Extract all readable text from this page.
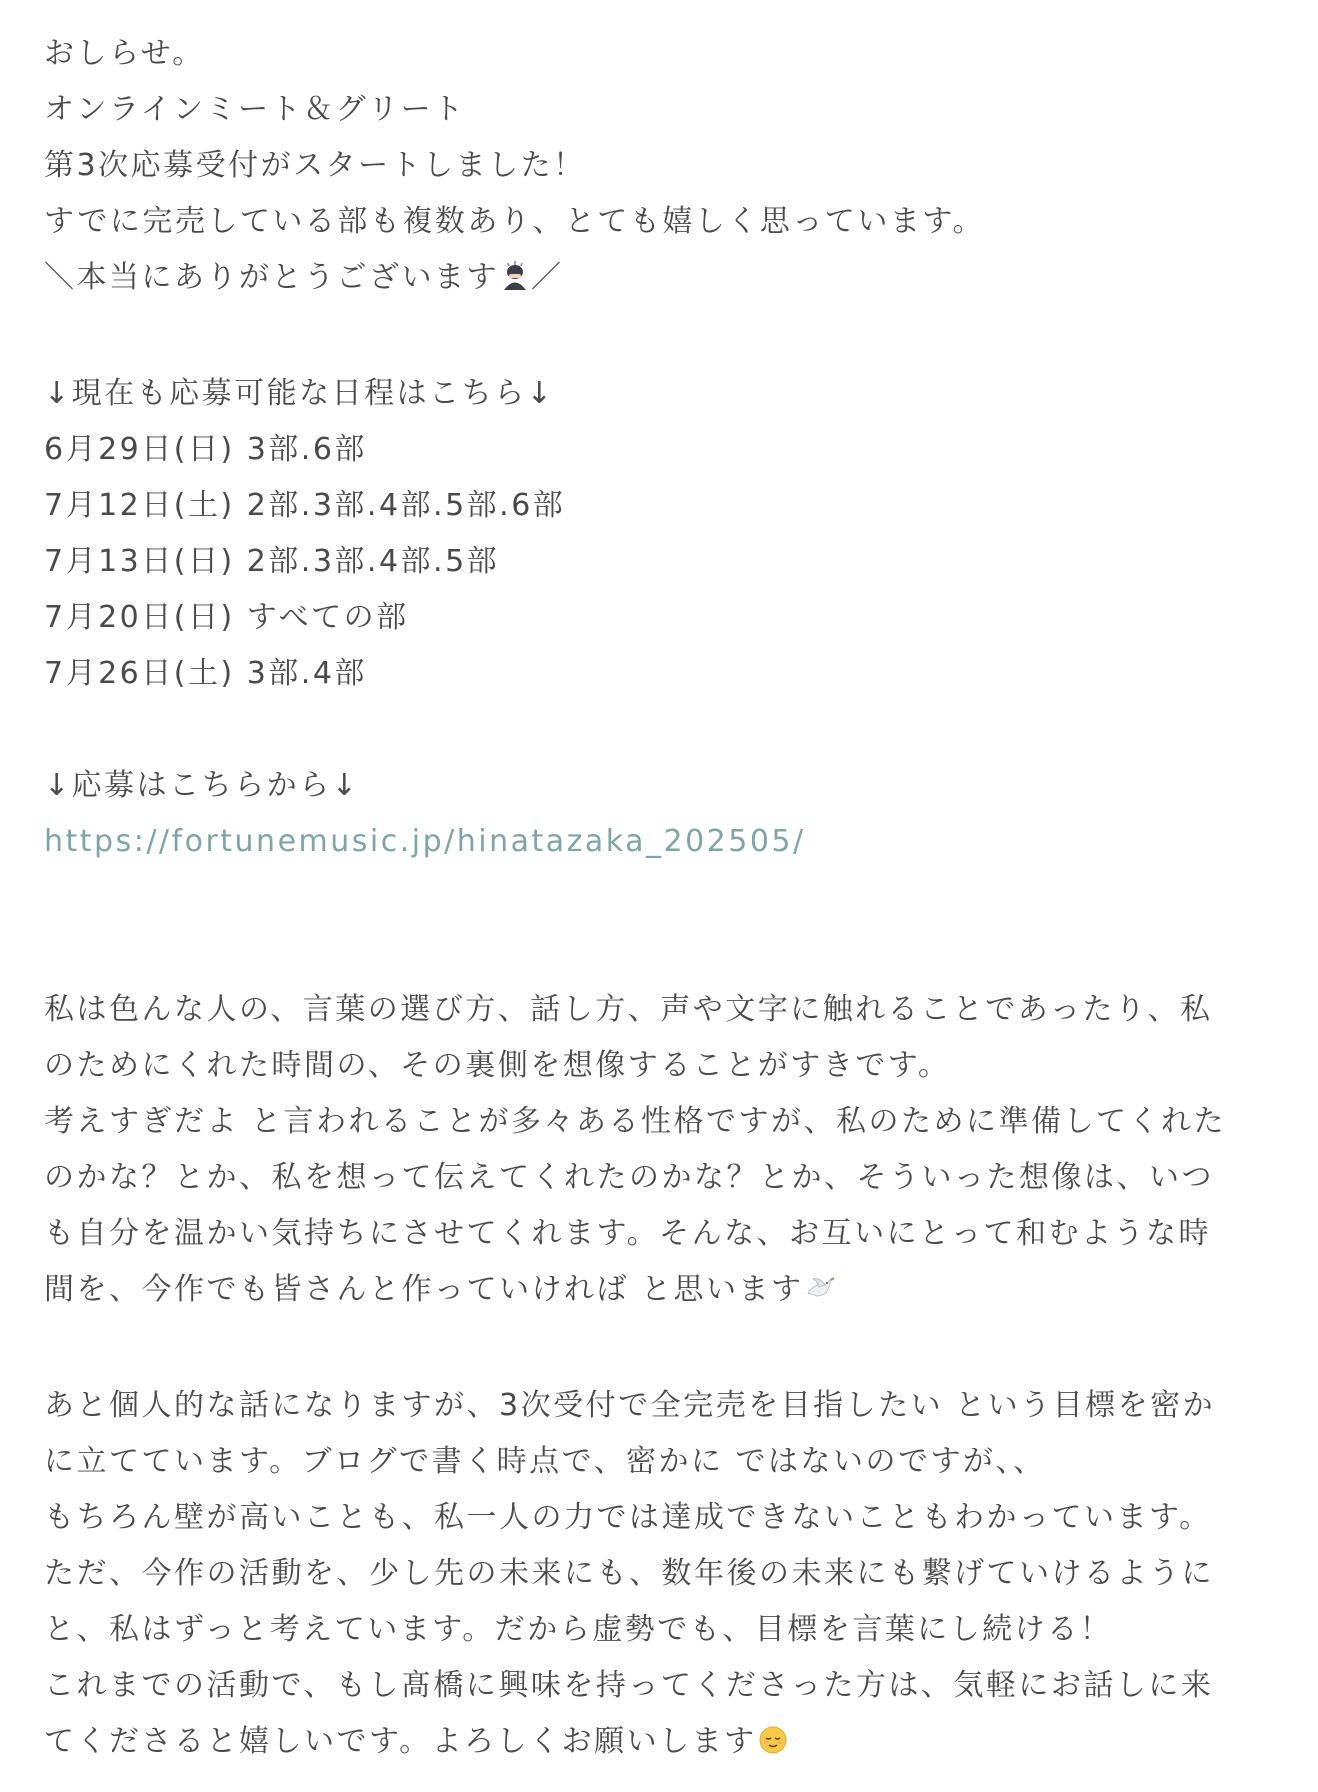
おしらせ。
オンラインミート＆グリート
第3次応募受付がスタートしました！
すでに完売している部も複数あり、とても嬉しく思っています。
＼本当にありがとうございます ／
↓現在も応募可能な日程はこちら↓
6月29日(日) 3部.6部
7月12日(土) 2部.3部.4部.5部.6部
7月13日(日) 2部.3部.4部.5部
7月20日(日) すべての部
7月26日(土) 3部.4部
↓応募はこちらから↓
https://fortunemusic.jp/hinatazaka_202505/
私は色んな人の、言葉の選び方、話し方、声や文字に触れることであったり、私
のためにくれた時間の、その裏側を想像することがすきです。
考えすぎだよ と言われることが多々ある性格ですが、私のために準備してくれた
のかな？とか、私を想って伝えてくれたのかな？とか、そういった想像は、いつ
も自分を温かい気持ちにさせてくれます。そんな、お互いにとって和むような時
間を、今作でも皆さんと作っていければ と思います
あと個人的な話になりますが、3次受付で全完売を目指したい という目標を密か
に立てています。ブログで書く時点で、密かに ではないのですが、、
もちろん壁が高いことも、私一人の力では達成できないこともわかっています。
ただ、今作の活動を、少し先の未来にも、数年後の未来にも繋げていけるように
と、私はずっと考えています。だから虚勢でも、目標を言葉にし続ける！
これまでの活動で、もし髙橋に興味を持ってくださった方は、気軽にお話しに来
てくださると嬉しいです。よろしくお願いします
